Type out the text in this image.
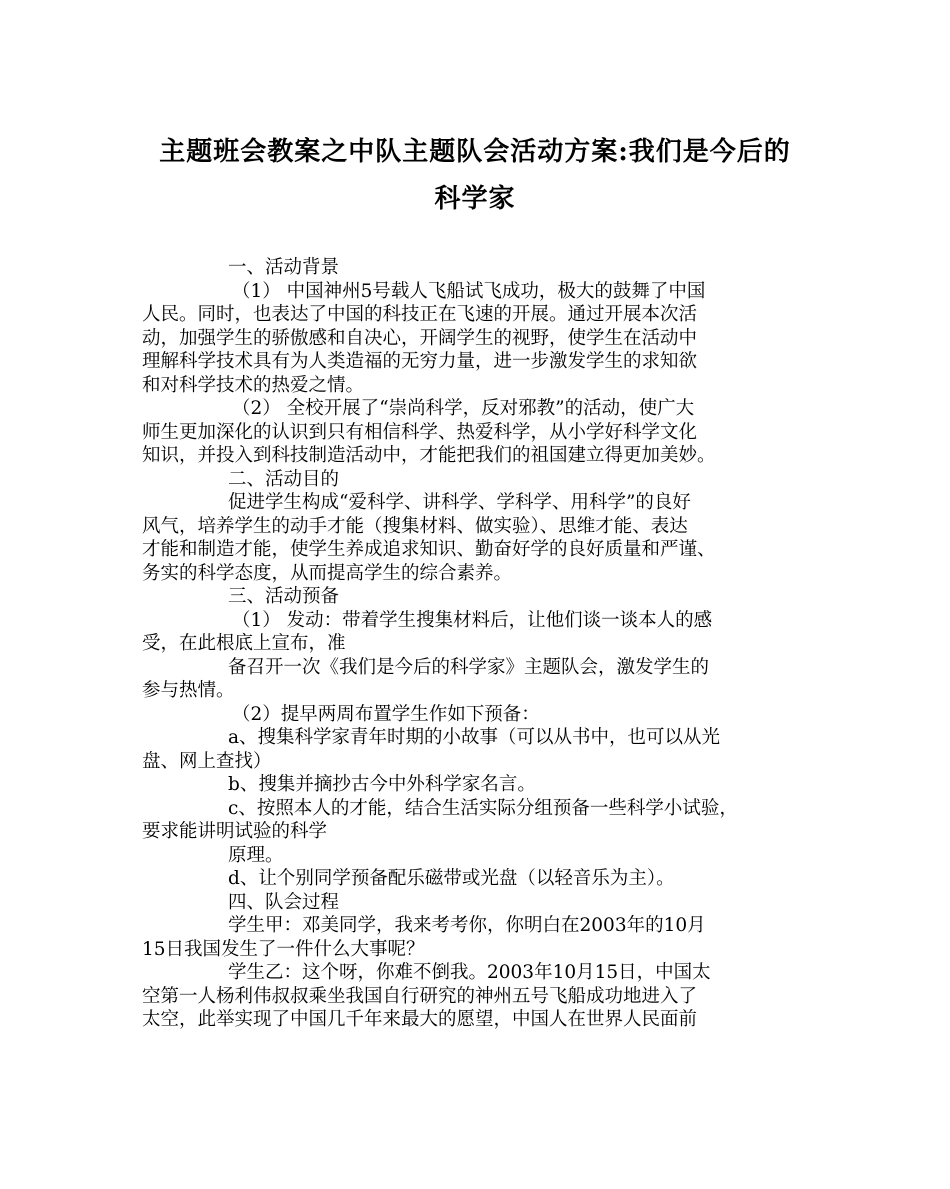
主题班会教案之中队主题队会活动方案:我们是今后的
科学家
一、活动背景
（1） 中国神州5号载人飞船试飞成功，极大的鼓舞了中国
人民。同时，也表达了中国的科技正在飞速的开展。通过开展本次活
动，加强学生的骄傲感和自决心，开阔学生的视野，使学生在活动中
理解科学技术具有为人类造福的无穷力量，进一步激发学生的求知欲
和对科学技术的热爱之情。
（2） 全校开展了“崇尚科学，反对邪教”的活动，使广大
师生更加深化的认识到只有相信科学、热爱科学，从小学好科学文化
知识，并投入到科技制造活动中，才能把我们的祖国建立得更加美妙。
二、活动目的
促进学生构成“爱科学、讲科学、学科学、用科学”的良好
风气，培养学生的动手才能（搜集材料、做实验）、思维才能、表达
才能和制造才能，使学生养成追求知识、勤奋好学的良好质量和严谨、
务实的科学态度，从而提高学生的综合素养。
三、活动预备
（1） 发动：带着学生搜集材料后，让他们谈一谈本人的感
受，在此根底上宣布，准
备召开一次《我们是今后的科学家》主题队会，激发学生的
参与热情。
（2）提早两周布置学生作如下预备：
a、搜集科学家青年时期的小故事（可以从书中，也可以从光
盘、网上查找）
b、搜集并摘抄古今中外科学家名言。
c、按照本人的才能，结合生活实际分组预备一些科学小试验，
要求能讲明试验的科学
原理。
d、让个别同学预备配乐磁带或光盘（以轻音乐为主）。
四、队会过程
学生甲：邓美同学，我来考考你，你明白在2003年的10月
15日我国发生了一件什么大事呢？
学生乙：这个呀，你难不倒我。2003年10月15日，中国太
空第一人杨利伟叔叔乘坐我国自行研究的神州五号飞船成功地进入了
太空，此举实现了中国几千年来最大的愿望，中国人在世界人民面前
